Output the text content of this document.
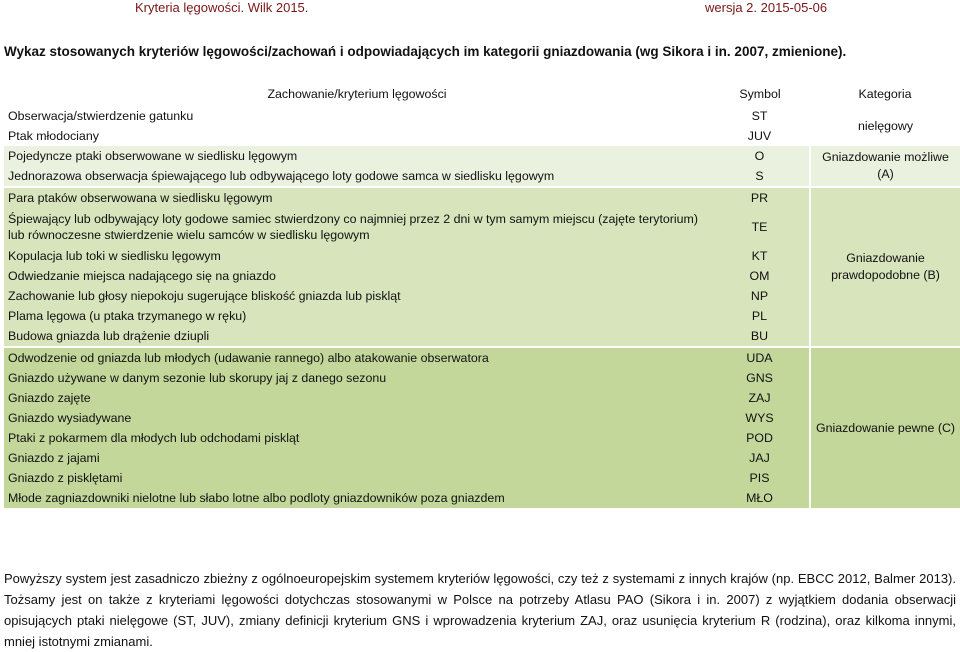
Kryteria lęgowości. Wilk 2015.	wersja 2. 2015-05-06
Wykaz stosowanych kryteriów lęgowości/zachowań i odpowiadających im kategorii gniazdowania (wg Sikora i in. 2007, zmienione).
Zachowanie/kryterium lęgowości	Symbol	Kategoria
Obserwacja/stwierdzenie gatunku	ST	nielęgowy
Ptak młodociany	JUV	
Pojedyncze ptaki obserwowane w siedlisku lęgowym	O	Gniazdowanie możliwe (A)
Jednorazowa obserwacja śpiewającego lub odbywającego loty godowe samca w siedlisku lęgowym	S	
Para ptaków obserwowana w siedlisku lęgowym	PR	Gniazdowanie prawdopodobne (B)
Śpiewający lub odbywający loty godowe samiec stwierdzony co najmniej przez 2 dni w tym samym miejscu (zajęte terytorium) lub równoczesne stwierdzenie wielu samców w siedlisku lęgowym	TE	
Kopulacja lub toki w siedlisku lęgowym	KT	
Odwiedzanie miejsca nadającego się na gniazdo	OM	
Zachowanie lub głosy niepokoju sugerujące bliskość gniazda lub piskląt	NP	
Plama lęgowa (u ptaka trzymanego w ręku)	PL	
Budowa gniazda lub drążenie dziupli	BU	
Odwodzenie od gniazda lub młodych (udawanie rannego) albo atakowanie obserwatora	UDA	Gniazdowanie pewne (C)
Gniazdo używane w danym sezonie lub skorupy jaj z danego sezonu	GNS	
Gniazdo zajęte	ZAJ	
Gniazdo wysiadywane	WYS	
Ptaki z pokarmem dla młodych lub odchodami piskląt	POD	
Gniazdo z jajami	JAJ	
Gniazdo z pisklętami	PIS	
Młode zagniazdowniki nielotne lub słabo lotne albo podloty gniazdowników poza gniazdem	MŁO	
Powyższy system jest zasadniczo zbieżny z ogólnoeuropejskim systemem kryteriów lęgowości, czy też z systemami z innych krajów (np. EBCC 2012, Balmer 2013). Tożsamy jest on także z kryteriami lęgowości dotychczas stosowanymi w Polsce na potrzeby Atlasu PAO (Sikora i in. 2007) z wyjątkiem dodania obserwacji opisujących ptaki nielęgowe (ST, JUV), zmiany definicji kryterium GNS i wprowadzenia kryterium ZAJ, oraz usunięcia kryterium R (rodzina), oraz kilkoma innymi, mniej istotnymi zmianami.
